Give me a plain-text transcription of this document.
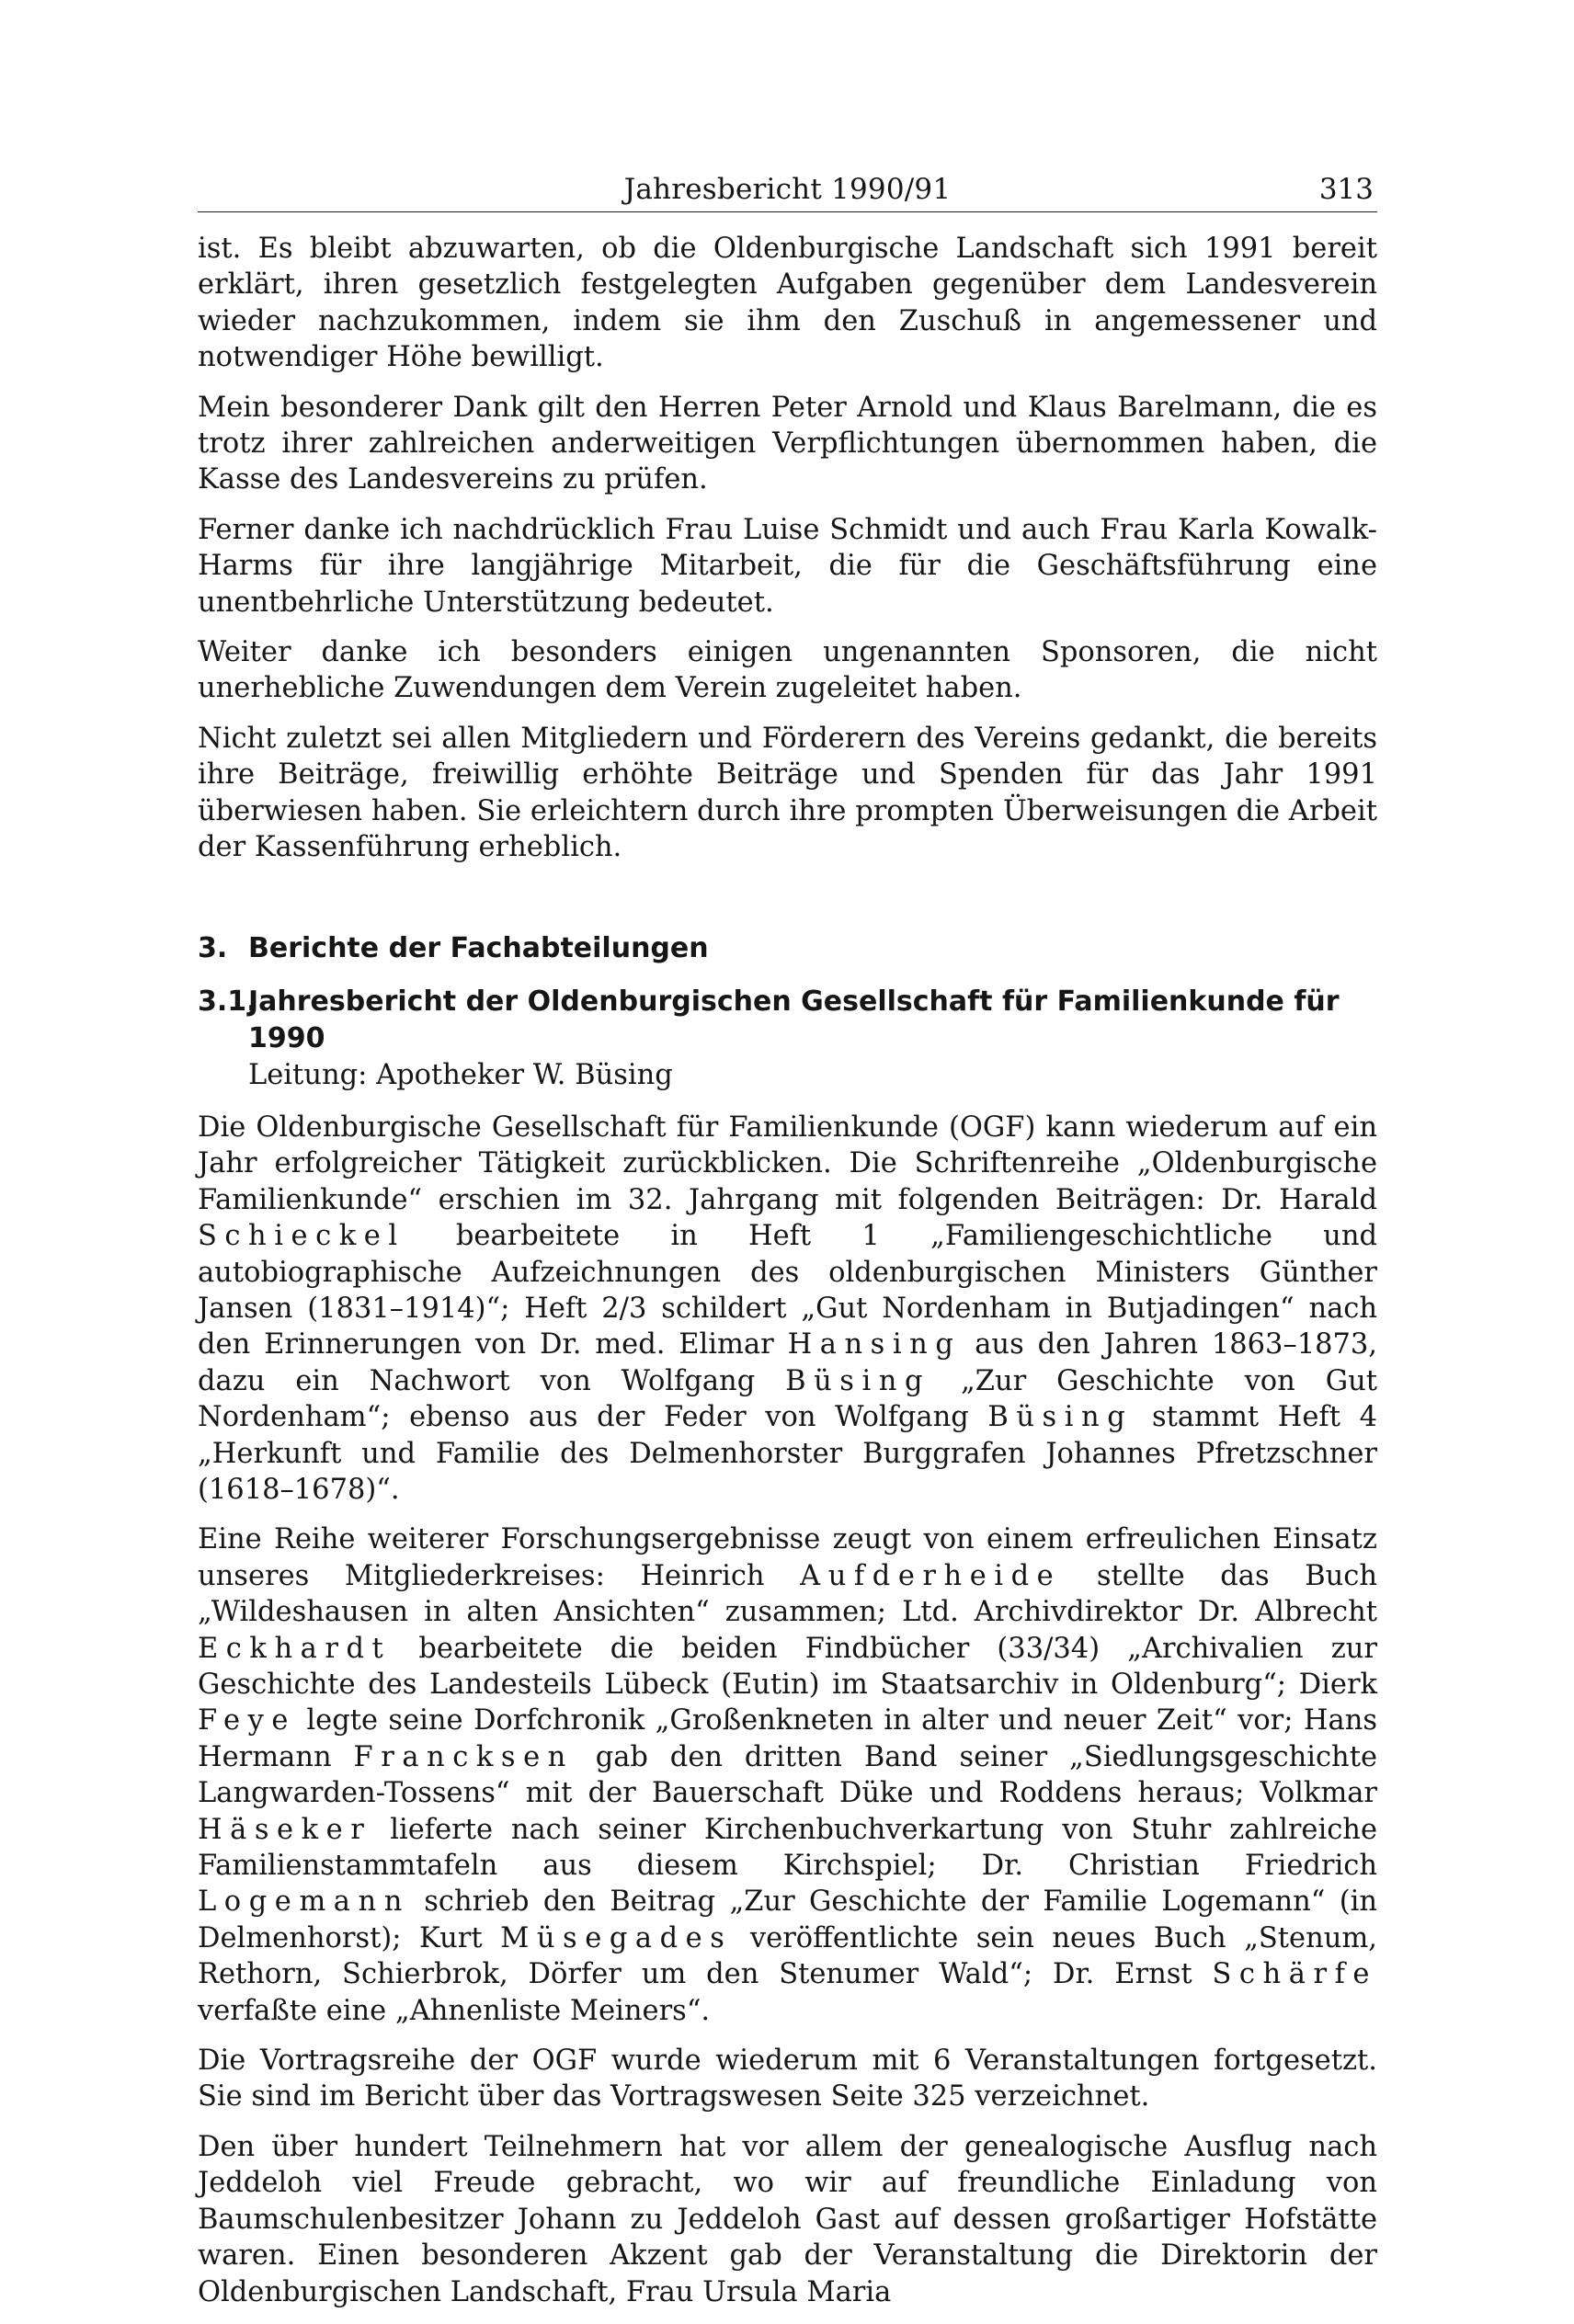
Jahresbericht 1990/91	313

ist. Es bleibt abzuwarten, ob die Oldenburgische Landschaft sich 1991 bereit erklärt, ihren gesetzlich festgelegten Aufgaben gegenüber dem Landesverein wieder nachzukommen, indem sie ihm den Zuschuß in angemessener und notwendiger Höhe bewilligt.

Mein besonderer Dank gilt den Herren Peter Arnold und Klaus Barelmann, die es trotz ihrer zahlreichen anderweitigen Verpflichtungen übernommen haben, die Kasse des Landesvereins zu prüfen.

Ferner danke ich nachdrücklich Frau Luise Schmidt und auch Frau Karla Kowalk-Harms für ihre langjährige Mitarbeit, die für die Geschäftsführung eine unentbehrliche Unterstützung bedeutet.

Weiter danke ich besonders einigen ungenannten Sponsoren, die nicht unerhebliche Zuwendungen dem Verein zugeleitet haben.

Nicht zuletzt sei allen Mitgliedern und Förderern des Vereins gedankt, die bereits ihre Beiträge, freiwillig erhöhte Beiträge und Spenden für das Jahr 1991 überwiesen haben. Sie erleichtern durch ihre prompten Überweisungen die Arbeit der Kassenführung erheblich.

3. Berichte der Fachabteilungen
3.1.
Jahresbericht der Oldenburgischen Gesellschaft für Familienkunde für 1990
Leitung: Apotheker W. Büsing

Die Oldenburgische Gesellschaft für Familienkunde (OGF) kann wiederum auf ein Jahr erfolgreicher Tätigkeit zurückblicken. Die Schriftenreihe „Oldenburgische Familienkunde“ erschien im 32. Jahrgang mit folgenden Beiträgen: Dr. Harald Schieckel bearbeitete in Heft 1 „Familiengeschichtliche und autobiographische Aufzeichnungen des oldenburgischen Ministers Günther Jansen (1831–1914)“; Heft 2/3 schildert „Gut Nordenham in Butjadingen“ nach den Erinnerungen von Dr. med. Elimar Hansing aus den Jahren 1863–1873, dazu ein Nachwort von Wolfgang Büsing „Zur Geschichte von Gut Nordenham“; ebenso aus der Feder von Wolfgang Büsing stammt Heft 4 „Herkunft und Familie des Delmenhorster Burggrafen Johannes Pfretzschner (1618–1678)“.

Eine Reihe weiterer Forschungsergebnisse zeugt von einem erfreulichen Einsatz unseres Mitgliederkreises: Heinrich Aufderheide stellte das Buch „Wildeshausen in alten Ansichten“ zusammen; Ltd. Archivdirektor Dr. Albrecht Eckhardt bearbeitete die beiden Findbücher (33/34) „Archivalien zur Geschichte des Landesteils Lübeck (Eutin) im Staatsarchiv in Oldenburg“; Dierk Feye legte seine Dorfchronik „Großenkneten in alter und neuer Zeit“ vor; Hans Hermann Francksen gab den dritten Band seiner „Siedlungsgeschichte Langwarden-Tossens“ mit der Bauerschaft Düke und Roddens heraus; Volkmar Häseker lieferte nach seiner Kirchenbuchverkartung von Stuhr zahlreiche Familienstammtafeln aus diesem Kirchspiel; Dr. Christian Friedrich Logemann schrieb den Beitrag „Zur Geschichte der Familie Logemann“ (in Delmenhorst); Kurt Müsegades veröffentlichte sein neues Buch „Stenum, Rethorn, Schierbrok, Dörfer um den Stenumer Wald“; Dr. Ernst Schärfe verfaßte eine „Ahnenliste Meiners“.

Die Vortragsreihe der OGF wurde wiederum mit 6 Veranstaltungen fortgesetzt. Sie sind im Bericht über das Vortragswesen Seite 325 verzeichnet.

Den über hundert Teilnehmern hat vor allem der genealogische Ausflug nach Jeddeloh viel Freude gebracht, wo wir auf freundliche Einladung von Baumschulenbesitzer Johann zu Jeddeloh Gast auf dessen großartiger Hofstätte waren. Einen besonderen Akzent gab der Veranstaltung die Direktorin der Oldenburgischen Landschaft, Frau Ursula Maria
